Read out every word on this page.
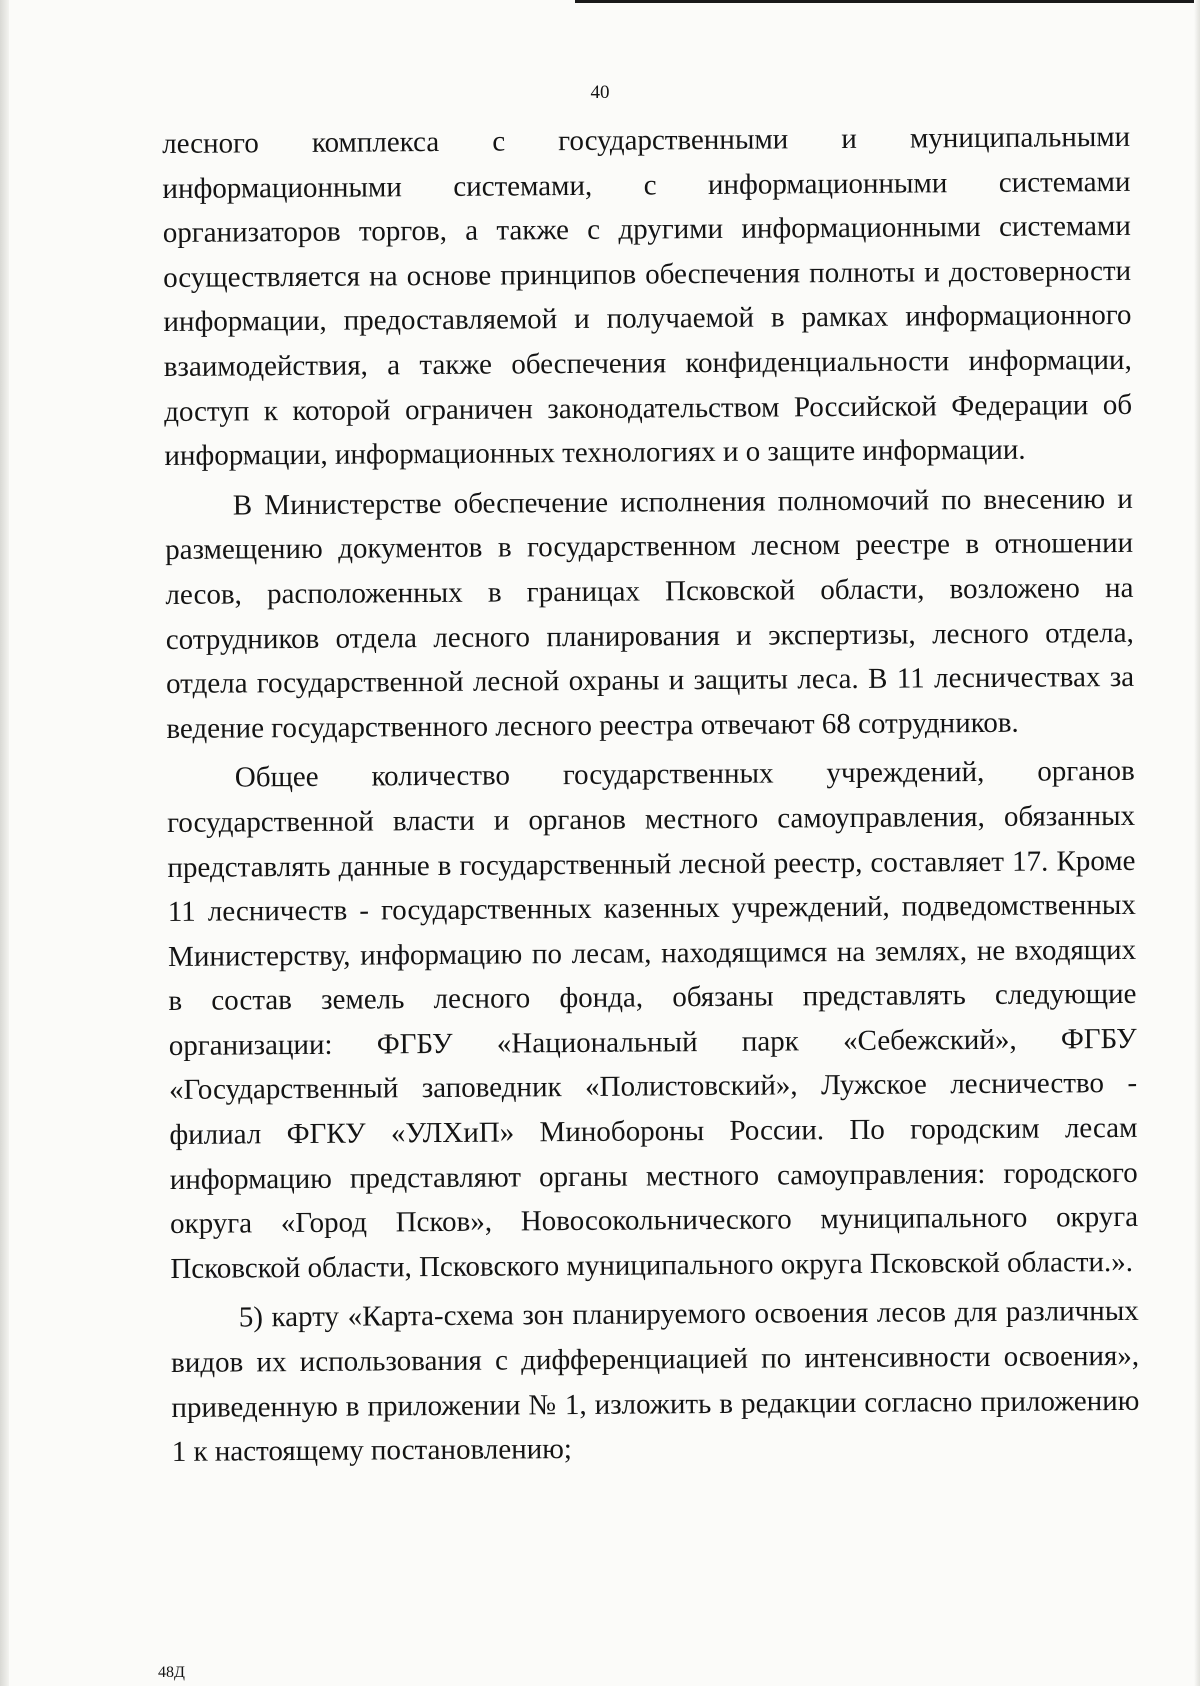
40

лесного комплекса с государственными и муниципальными информационными системами, с информационными системами организаторов торгов, а также с другими информационными системами осуществляется на основе принципов обеспечения полноты и достоверности информации, предоставляемой и получаемой в рамках информационного взаимодействия, а также обеспечения конфиденциальности информации, доступ к которой ограничен законодательством Российской Федерации об информации, информационных технологиях и о защите информации.

В Министерстве обеспечение исполнения полномочий по внесению и размещению документов в государственном лесном реестре в отношении лесов, расположенных в границах Псковской области, возложено на сотрудников отдела лесного планирования и экспертизы, лесного отдела, отдела государственной лесной охраны и защиты леса. В 11 лесничествах за ведение государственного лесного реестра отвечают 68 сотрудников.

Общее количество государственных учреждений, органов государственной власти и органов местного самоуправления, обязанных представлять данные в государственный лесной реестр, составляет 17. Кроме 11 лесничеств - государственных казенных учреждений, подведомственных Министерству, информацию по лесам, находящимся на землях, не входящих в состав земель лесного фонда, обязаны представлять следующие организации: ФГБУ «Национальный парк «Себежский», ФГБУ «Государственный заповедник «Полистовский», Лужское лесничество - филиал ФГКУ «УЛХиП» Минобороны России. По городским лесам информацию представляют органы местного самоуправления: городского округа «Город Псков», Новосокольнического муниципального округа Псковской области, Псковского муниципального округа Псковской области.».

5) карту «Карта-схема зон планируемого освоения лесов для различных видов их использования с дифференциацией по интенсивности освоения», приведенную в приложении № 1, изложить в редакции согласно приложению 1 к настоящему постановлению;

48Д
